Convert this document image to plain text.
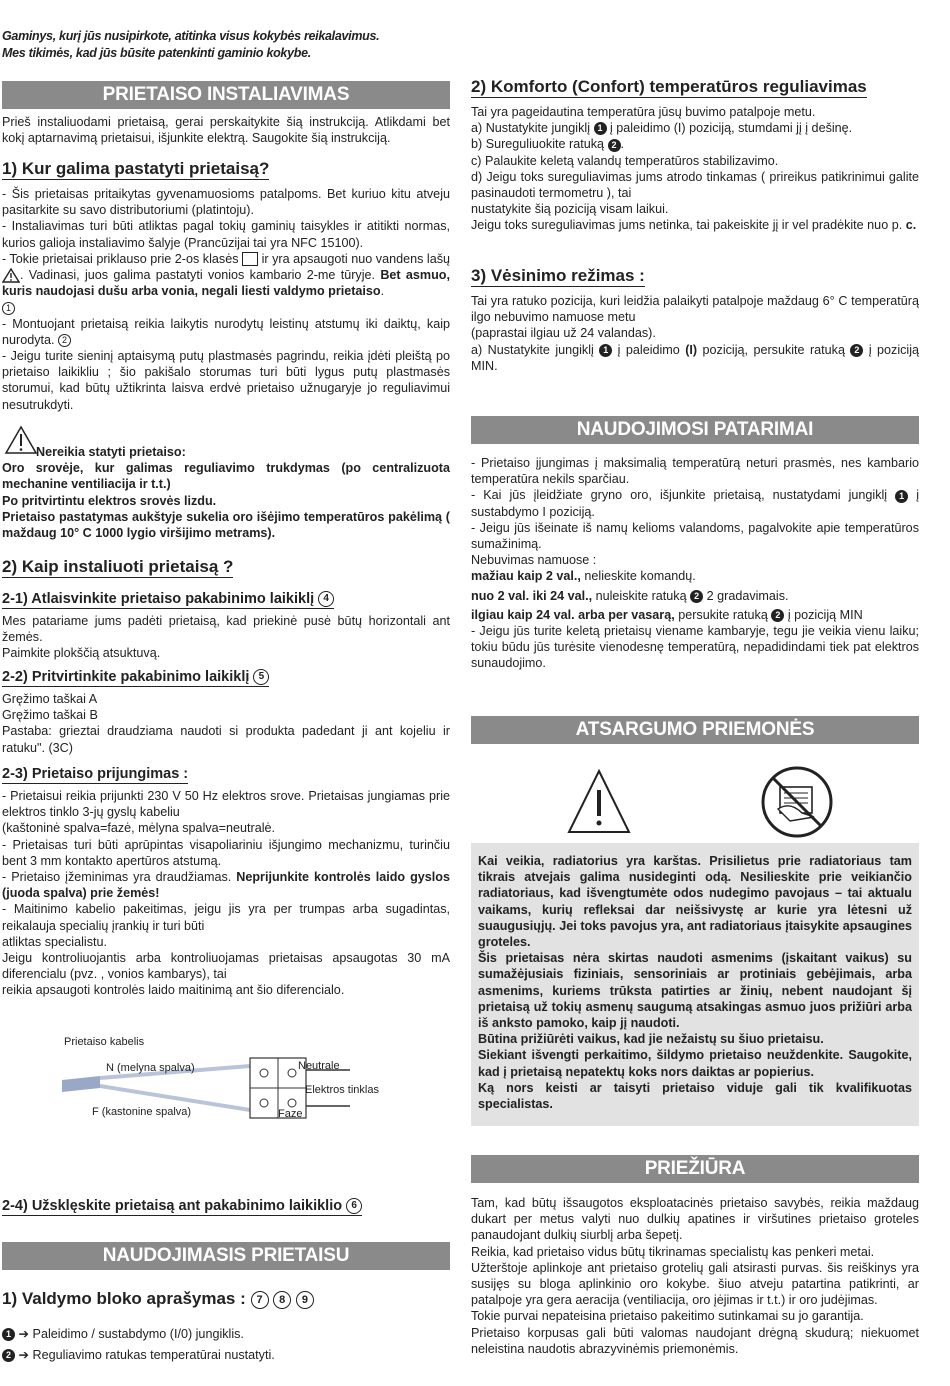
Gaminys, kurį jūs nusipirkote, atitinka visus kokybės reikalavimus.
Mes tikimės, kad jūs būsite patenkinti gaminio kokybe.
PRIETAISO INSTALIAVIMAS
Prieš instaliuodami prietaisą, gerai perskaitykite šią instrukciją. Atlikdami bet kokį aptarnavimą prietaisui, išjunkite elektrą. Saugokite šią instrukciją.
1) Kur galima pastatyti prietaisą?
- Šis prietaisas pritaikytas gyvenamuosioms patalpoms. Bet kuriuo kitu atveju pasitarkite su savo distributoriumi (platintoju).
- Instaliavimas turi būti atliktas pagal tokių gaminių taisykles ir atitikti normas, kurios galioja instaliavimo šalyje (Prancūzijai tai yra NFC 15100).
- Tokie prietaisai priklauso prie 2-os klasės ir yra apsaugoti nuo vandens lašų . Vadinasi, juos galima pastatyti vonios kambario 2-me tūryje. Bet asmuo, kuris naudojasi dušu arba vonia, negali liesti valdymo prietaiso.
1
- Montuojant prietaisą reikia laikytis nurodytų leistinų atstumų iki daiktų, kaip nurodyta. 2
- Jeigu turite sieninį aptaisymą putų plastmasės pagrindu, reikia įdėti pleištą po prietaiso laikikliu ; šio pakišalo storumas turi būti lygus putų plastmasės storumui, kad būtų užtikrinta laisva erdvė prietaiso užnugaryje jo reguliavimui nesutrukdyti.
Nereikia statyti prietaiso:
Oro srovėje, kur galimas reguliavimo trukdymas (po centralizuota mechanine ventiliacija ir t.t.)
Po pritvirtintu elektros srovės lizdu.
Prietaiso pastatymas aukštyje sukelia oro išėjimo temperatūros pakėlimą ( maždaug 10° C 1000 lygio viršijimo metrams).
2) Kaip instaliuoti prietaisą ?
2-1) Atlaisvinkite prietaiso pakabinimo laikiklį 4
Mes patariame jums padėti prietaisą, kad priekinė pusė būtų horizontali ant žemės.
Paimkite plokščią atsuktuvą.
2-2) Pritvirtinkite pakabinimo laikiklį 5
Gręžimo taškai A
Gręžimo taškai B
Pastaba: grieztai draudziama naudoti si produkta padedant ji ant kojeliu ir ratuku". (3C)
2-3) Prietaiso prijungimas :
- Prietaisui reikia prijunkti 230 V 50 Hz elektros srove. Prietaisas jungiamas prie elektros tinklo 3-jų gyslų kabeliu
(kaštoninė spalva=fazė, mėlyna spalva=neutralė.
- Prietaisas turi būti aprūpintas visapoliariniu išjungimo mechanizmu, turinčiu bent 3 mm kontakto apertūros atstumą.
- Prietaiso įžeminimas yra draudžiamas. Neprijunkite kontrolės laido gyslos (juoda spalva) prie žemės!
- Maitinimo kabelio pakeitimas, jeigu jis yra per trumpas arba sugadintas, reikalauja specialių įrankių ir turi būti
atliktas specialistu.
Jeigu kontroliuojantis arba kontroliuojamas prietaisas apsaugotas 30 mA diferencialu (pvz. , vonios kambarys), tai
reikia apsaugoti kontrolės laido maitinimą ant šio diferencialo.
Prietaiso kabelis
N (melyna spalva)
F (kastonine spalva)
Neutrale
Elektros tinklas
Faze
2-4) Užsklęskite prietaisą ant pakabinimo laikiklio 6
NAUDOJIMASIS PRIETAISU
1) Valdymo bloko aprašymas : 7 8 9
1 ➔ Paleidimo / sustabdymo (I/0) jungiklis.
2 ➔ Reguliavimo ratukas temperatūrai nustatyti.
2) Komforto (Confort) temperatūros reguliavimas
Tai yra pageidautina temperatūra jūsų buvimo patalpoje metu.
a) Nustatykite jungiklį 1 į paleidimo (I) poziciją, stumdami jį į dešinę.
b) Sureguliuokite ratuką 2 .
c) Palaukite keletą valandų temperatūros stabilizavimo.
d) Jeigu toks sureguliavimas jums atrodo tinkamas ( prireikus patikrinimui galite pasinaudoti termometru ), tai
nustatykite šią poziciją visam laikui.
Jeigu toks sureguliavimas jums netinka, tai pakeiskite jį ir vel pradėkite nuo p. c.
3) Vėsinimo režimas :
Tai yra ratuko pozicija, kuri leidžia palaikyti patalpoje maždaug 6° C temperatūrą ilgo nebuvimo namuose metu
(paprastai ilgiau už 24 valandas).
a) Nustatykite jungiklį 1 į paleidimo (I) poziciją, persukite ratuką 2 į poziciją MIN.
NAUDOJIMOSI PATARIMAI
- Prietaiso įjungimas į maksimalią temperatūrą neturi prasmės, nes kambario temperatūra nekils sparčiau.
- Kai jūs įleidžiate gryno oro, išjunkite prietaisą, nustatydami jungiklį 1 į sustabdymo I poziciją.
- Jeigu jūs išeinate iš namų kelioms valandoms, pagalvokite apie temperatūros sumažinimą.
Nebuvimas namuose :
mažiau kaip 2 val., nelieskite komandų.
nuo 2 val. iki 24 val., nuleiskite ratuką 2 2 gradavimais.
ilgiau kaip 24 val. arba per vasarą, persukite ratuką 2 į poziciją MIN
- Jeigu jūs turite keletą prietaisų viename kambaryje, tegu jie veikia vienu laiku; tokiu būdu jūs turėsite vienodesnę temperatūrą, nepadidindami tiek pat elektros sunaudojimo.
ATSARGUMO PRIEMONĖS
Kai veikia, radiatorius yra karštas. Prisilietus prie radiatoriaus tam tikrais atvejais galima nusideginti odą. Nesilieskite prie veikiančio radiatoriaus, kad išvengtumėte odos nudegimo pavojaus – tai aktualu vaikams, kurių refleksai dar neišsivystę ar kurie yra lėtesni už suaugusiųjų. Jei toks pavojus yra, ant radiatoriaus įtaisykite apsaugines groteles.
Šis prietaisas nėra skirtas naudoti asmenims (įskaitant vaikus) su sumažėjusiais fiziniais, sensoriniais ar protiniais gebėjimais, arba asmenims, kuriems trūksta patirties ar žinių, nebent naudojant šį prietaisą už tokių asmenų saugumą atsakingas asmuo juos prižiūri arba iš anksto pamoko, kaip jį naudoti.
Būtina prižiūrėti vaikus, kad jie nežaistų su šiuo prietaisu.
Siekiant išvengti perkaitimo, šildymo prietaiso neuždenkite. Saugokite, kad į prietaisą nepatektų koks nors daiktas ar popierius.
Ką nors keisti ar taisyti prietaiso viduje gali tik kvalifikuotas specialistas.
PRIEŽIŪRA
Tam, kad būtų išsaugotos eksploatacinės prietaiso savybės, reikia maždaug dukart per metus valyti nuo dulkių apatines ir viršutines prietaiso groteles panaudojant dulkių siurblį arba šepetį.
Reikia, kad prietaiso vidus būtų tikrinamas specialistų kas penkeri metai.
Užterštoje aplinkoje ant prietaiso grotelių gali atsirasti purvas. šis reiškinys yra susijęs su bloga aplinkinio oro kokybe. šiuo atveju patartina patikrinti, ar patalpoje yra gera aeracija (ventiliacija, oro įėjimas ir t.t.) ir oro judėjimas.
Tokie purvai nepateisina prietaiso pakeitimo sutinkamai su jo garantija.
Prietaiso korpusas gali būti valomas naudojant drėgną skudurą; niekuomet neleistina naudotis abrazyvinėmis priemonėmis.
